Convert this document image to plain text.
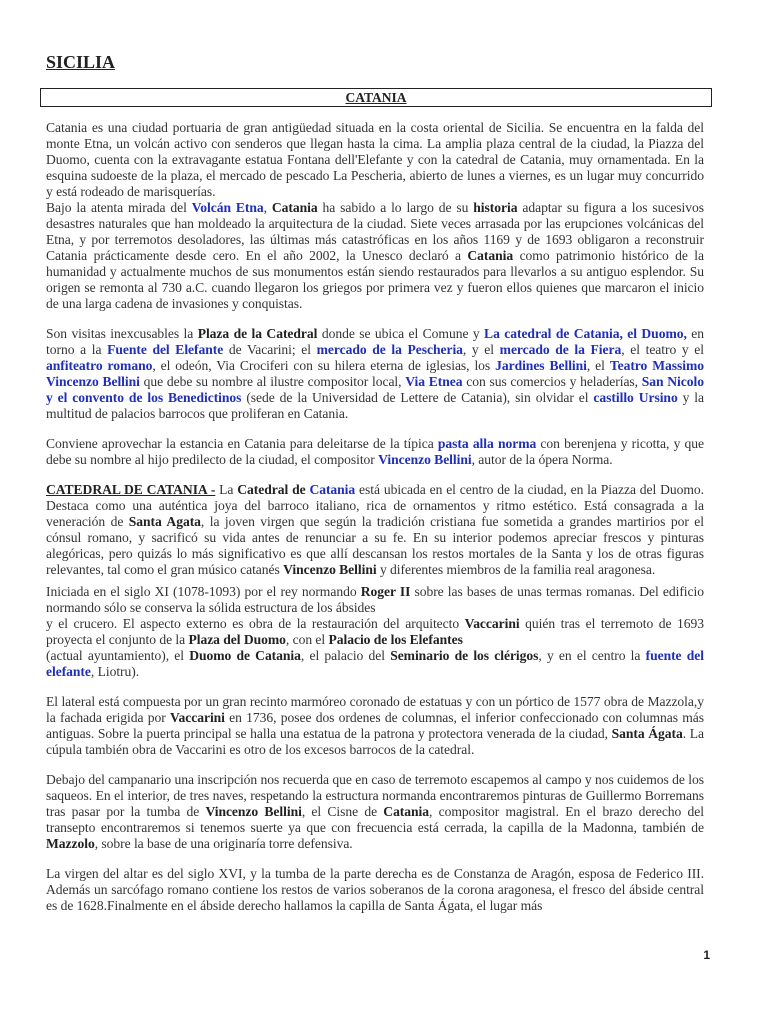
SICILIA
CATANIA

Catania es una ciudad portuaria de gran antigüedad situada en la costa oriental de Sicilia. Se encuentra en la falda del monte Etna, un volcán activo con senderos que llegan hasta la cima. La amplia plaza central de la ciudad, la Piazza del Duomo, cuenta con la extravagante estatua Fontana dell'Elefante y con la catedral de Catania, muy ornamentada. En la esquina sudoeste de la plaza, el mercado de pescado La Pescheria, abierto de lunes a viernes, es un lugar muy concurrido y está rodeado de marisquerías.

Bajo la atenta mirada del Volcán Etna, Catania ha sabido a lo largo de su historia adaptar su figura a los sucesivos desastres naturales que han moldeado la arquitectura de la ciudad. Siete veces arrasada por las erupciones volcánicas del Etna, y por terremotos desoladores, las últimas más catastróficas en los años 1169 y de 1693 obligaron a reconstruir Catania prácticamente desde cero. En el año 2002, la Unesco declaró a Catania como patrimonio histórico de la humanidad y actualmente muchos de sus monumentos están siendo restaurados para llevarlos a su antiguo esplendor. Su origen se remonta al 730 a.C. cuando llegaron los griegos por primera vez y fueron ellos quienes que marcaron el inicio de una larga cadena de invasiones y conquistas.

Son visitas inexcusables la Plaza de la Catedral donde se ubica el Comune y La catedral de Catania, el Duomo, en torno a la Fuente del Elefante de Vacarini; el mercado de la Pescheria, y el mercado de la Fiera, el teatro y el anfiteatro romano, el odeón, Via Crociferi con su hilera eterna de iglesias, los Jardines Bellini, el Teatro Massimo Vincenzo Bellini que debe su nombre al ilustre compositor local, Via Etnea con sus comercios y heladerías, San Nicolo y el convento de los Benedictinos (sede de la Universidad de Lettere de Catania), sin olvidar el castillo Ursino y la multitud de palacios barrocos que proliferan en Catania.

Conviene aprovechar la estancia en Catania para deleitarse de la típica pasta alla norma con berenjena y ricotta, y que debe su nombre al hijo predilecto de la ciudad, el compositor Vincenzo Bellini, autor de la ópera Norma.

CATEDRAL DE CATANIA - La Catedral de Catania está ubicada en el centro de la ciudad, en la Piazza del Duomo. Destaca como una auténtica joya del barroco italiano, rica de ornamentos y ritmo estético. Está consagrada a la veneración de Santa Agata, la joven virgen que según la tradición cristiana fue sometida a grandes martirios por el cónsul romano, y sacrificó su vida antes de renunciar a su fe. En su interior podemos apreciar frescos y pinturas alegóricas, pero quizás lo más significativo es que allí descansan los restos mortales de la Santa y los de otras figuras relevantes, tal como el gran músico catanés Vincenzo Bellini y diferentes miembros de la familia real aragonesa.

Iniciada en el siglo XI (1078-1093) por el rey normando Roger II sobre las bases de unas termas romanas. Del edificio normando sólo se conserva la sólida estructura de los ábsides
y el crucero. El aspecto externo es obra de la restauración del arquitecto Vaccarini quién tras el terremoto de 1693 proyecta el conjunto de la Plaza del Duomo, con el Palacio de los Elefantes
(actual ayuntamiento), el Duomo de Catania, el palacio del Seminario de los clérigos, y en el centro la fuente del elefante, Liotru).

El lateral está compuesta por un gran recinto marmóreo coronado de estatuas y con un pórtico de 1577 obra de Mazzola,y la fachada erigida por Vaccarini en 1736, posee dos ordenes de columnas, el inferior confeccionado con columnas más antiguas. Sobre la puerta principal se halla una estatua de la patrona y protectora venerada de la ciudad, Santa Ágata. La cúpula también obra de Vaccarini es otro de los excesos barrocos de la catedral.

Debajo del campanario una inscripción nos recuerda que en caso de terremoto escapemos al campo y nos cuidemos de los saqueos. En el interior, de tres naves, respetando la estructura normanda encontraremos pinturas de Guillermo Borremans tras pasar por la tumba de Vincenzo Bellini, el Cisne de Catania, compositor magistral. En el brazo derecho del transepto encontraremos si tenemos suerte ya que con frecuencia está cerrada, la capilla de la Madonna, también de Mazzolo, sobre la base de una originaría torre defensiva.

La virgen del altar es del siglo XVI, y la tumba de la parte derecha es de Constanza de Aragón, esposa de Federico III. Además un sarcófago romano contiene los restos de varios soberanos de la corona aragonesa, el fresco del ábside central es de 1628.Finalmente en el ábside derecho hallamos la capilla de Santa Ágata, el lugar más

1
